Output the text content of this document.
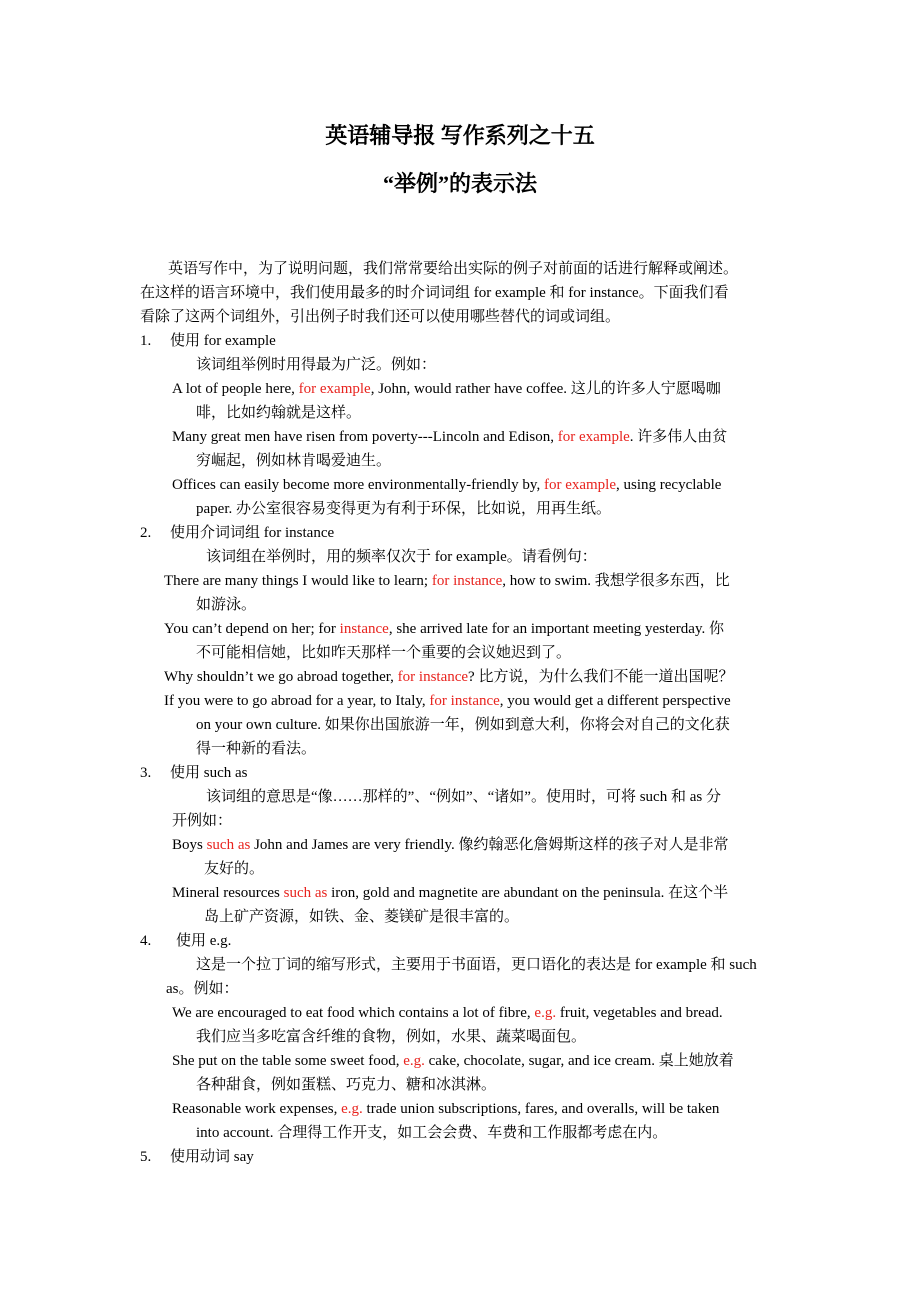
英语辅导报 写作系列之十五
“举例”的表示法
英语写作中，为了说明问题，我们常常要给出实际的例子对前面的话进行解释或阐述。
在这样的语言环境中，我们使用最多的时介词词组 for example 和 for instance。下面我们看
看除了这两个词组外，引出例子时我们还可以使用哪些替代的词或词组。
1. 使用 for example
该词组举例时用得最为广泛。例如：
A lot of people here, for example, John, would rather have coffee. 这儿的许多人宁愿喝咖
啡，比如约翰就是这样。
Many great men have risen from poverty---Lincoln and Edison, for example. 许多伟人由贫
穷崛起，例如林肯喝爱迪生。
Offices can easily become more environmentally-friendly by, for example, using recyclable
paper. 办公室很容易变得更为有利于环保，比如说，用再生纸。
2. 使用介词词组 for instance
该词组在举例时，用的频率仅次于 for example。请看例句：
There are many things I would like to learn; for instance, how to swim. 我想学很多东西，比
如游泳。
You can’t depend on her; for instance, she arrived late for an important meeting yesterday. 你
不可能相信她，比如昨天那样一个重要的会议她迟到了。
Why shouldn’t we go abroad together, for instance? 比方说，为什么我们不能一道出国呢？
If you were to go abroad for a year, to Italy, for instance, you would get a different perspective
on your own culture. 如果你出国旅游一年，例如到意大利，你将会对自己的文化获
得一种新的看法。
3. 使用 such as
该词组的意思是“像……那样的”、“例如”、“诸如”。使用时，可将 such 和 as 分
开例如：
Boys such as John and James are very friendly. 像约翰恶化詹姆斯这样的孩子对人是非常
友好的。
Mineral resources such as iron, gold and magnetite are abundant on the peninsula. 在这个半
岛上矿产资源，如铁、金、菱镁矿是很丰富的。
4. 使用 e.g.
这是一个拉丁词的缩写形式，主要用于书面语，更口语化的表达是 for example 和 such
as。例如：
We are encouraged to eat food which contains a lot of fibre, e.g. fruit, vegetables and bread.
我们应当多吃富含纤维的食物，例如，水果、蔬菜喝面包。
She put on the table some sweet food, e.g. cake, chocolate, sugar, and ice cream. 桌上她放着
各种甜食，例如蛋糕、巧克力、糖和冰淇淋。
Reasonable work expenses, e.g. trade union subscriptions, fares, and overalls, will be taken
into account. 合理得工作开支，如工会会费、车费和工作服都考虑在内。
5. 使用动词 say
